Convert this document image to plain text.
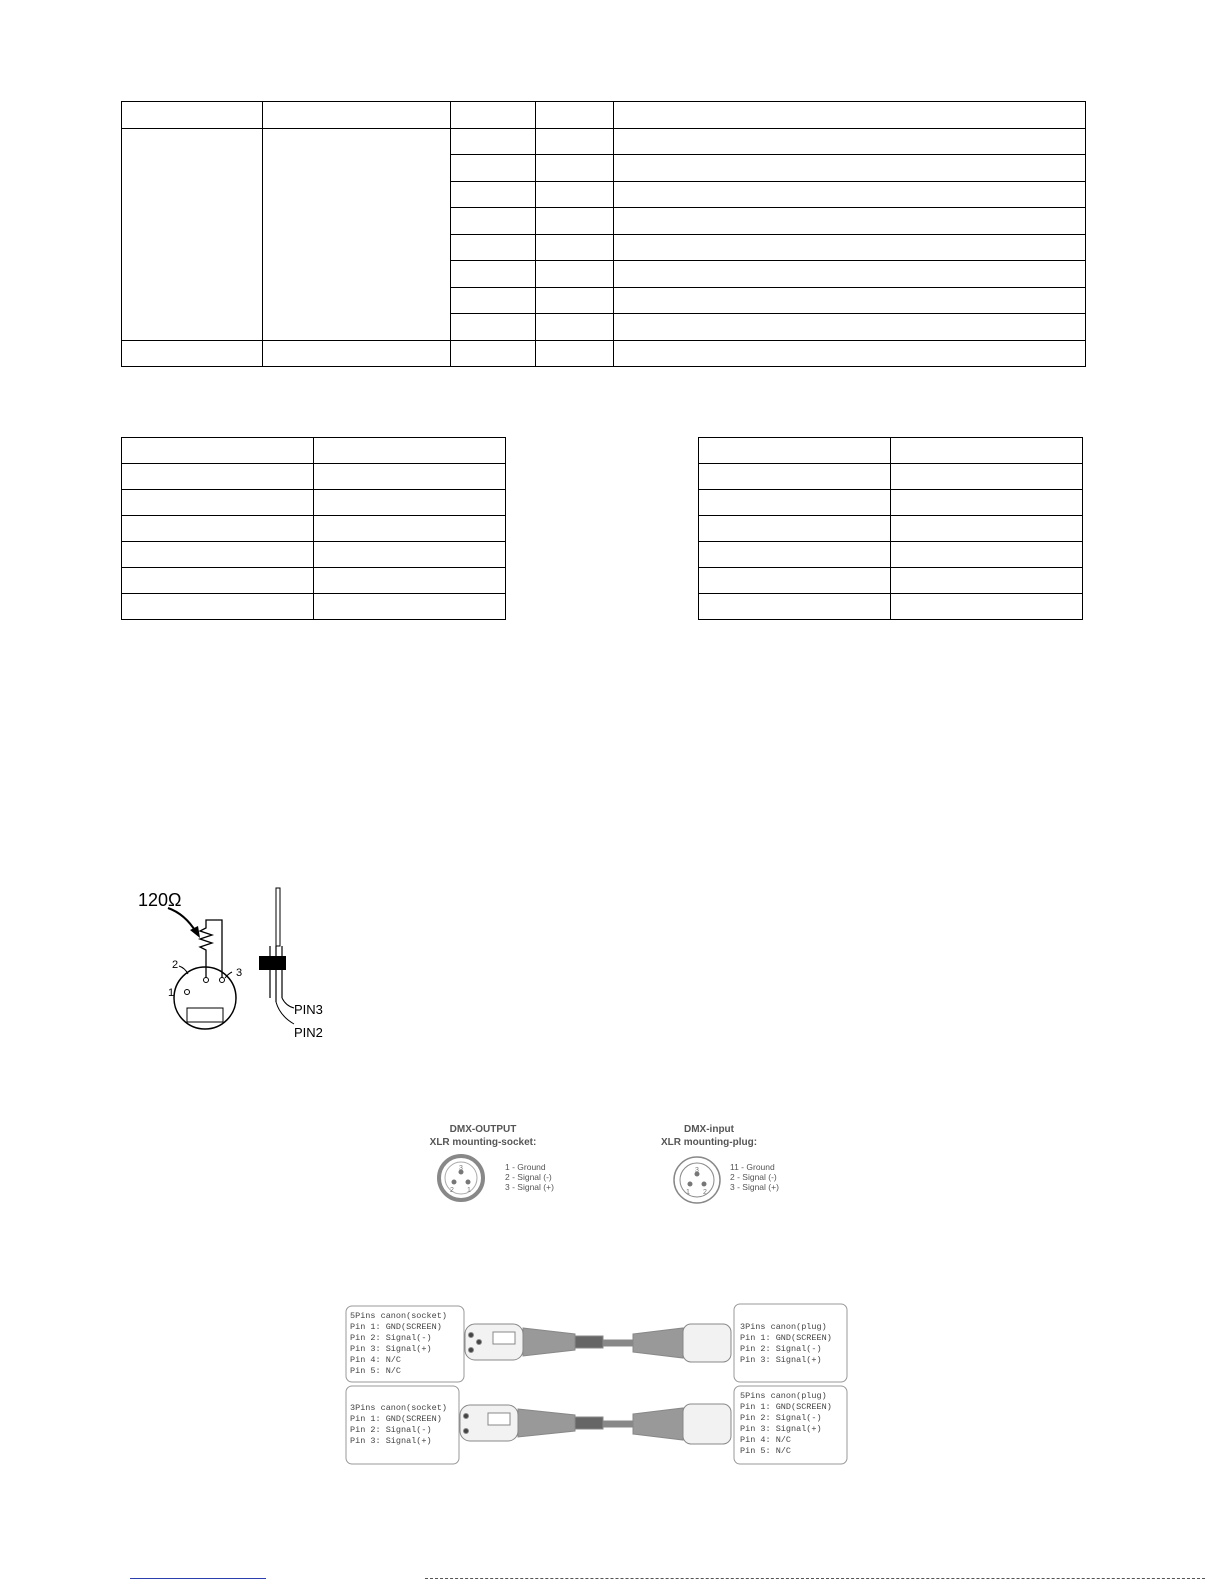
120Ω
1
2
3
PIN3
PIN2
DMX-OUTPUT
XLR mounting-socket:
DMX-input
XLR mounting-plug:
3
2 1
1 - Ground
2 - Signal (-)
3 - Signal (+)
3
1 2
11 - Ground
2 - Signal (-)
3 - Signal (+)
5Pins canon(socket)
Pin 1: GND(SCREEN)
Pin 2: Signal(-)
Pin 3: Signal(+)
Pin 4: N/C
Pin 5: N/C
3Pins canon(plug)
Pin 1: GND(SCREEN)
Pin 2: Signal(-)
Pin 3: Signal(+)
3Pins canon(socket)
Pin 1: GND(SCREEN)
Pin 2: Signal(-)
Pin 3: Signal(+)
5Pins canon(plug)
Pin 1: GND(SCREEN)
Pin 2: Signal(-)
Pin 3: Signal(+)
Pin 4: N/C
Pin 5: N/C
